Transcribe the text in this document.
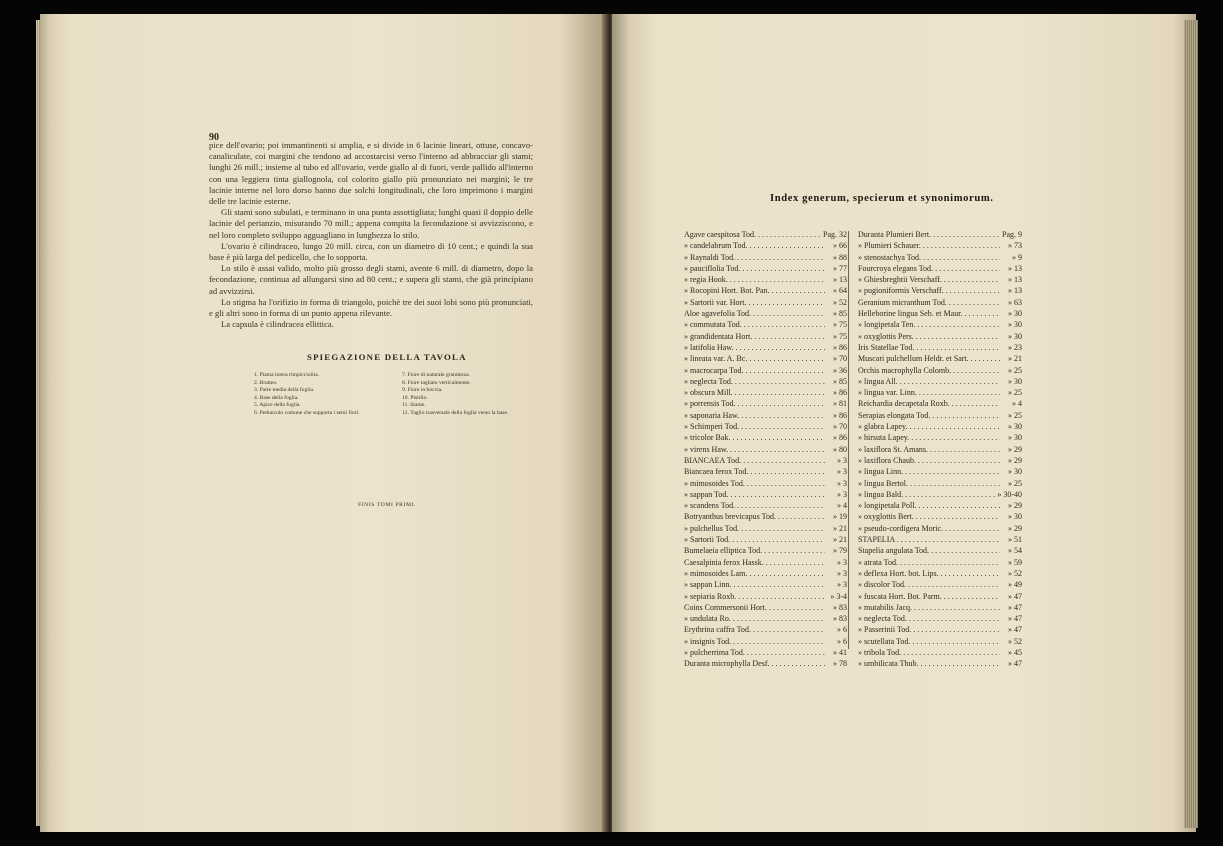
90

pice dell'ovario; poi immantinenti si amplia, e si divide in 6 lacinie lineari, ottuse, concavo-canaliculate, coi margini che tendono ad accostarcisi verso l'interno ad abbracciar gli stami; lunghi 26 mill.; insieme al tubo ed all'ovario, verde giallo al di fuori, verde pallido all'interno con una leggiera tinta giallognola, col colorito giallo più pronunziato nei margini; le tre lacinie interne nel loro dorso hanno due solchi longitudinali, che loro imprimono i margini delle tre lacinie esterne.

Gli stami sono subulati, e terminano in una punta assottigliata; lunghi quasi il doppio delle lacinie del perianzio, misurando 70 mill.; appena compita la fecondazione si avvizziscono, e nel loro completo sviluppo agguagliano in lunghezza lo stilo.

L'ovario è cilindraceo, lungo 20 mill. circa, con un diametro di 10 cent.; e quindi la sua base è più larga del pedicello, che lo sopporta.

Lo stilo è assai valido, molto più grosso degli stami, avente 6 mill. di diametro, dopo la fecondazione, continua ad allungarsi sino ad 80 cent.; e supera gli stami, che già principiano ad avvizzirsi.

Lo stigma ha l'orifizio in forma di triangolo, poichè tre dei suoi lobi sono più pronunciati, e gli altri sono in forma di un punto appena rilevante.

La capsula è cilindracea ellittica.

SPIEGAZIONE DELLA TAVOLA
1. Pianta intera rimpicciolita.
2. Bratteo.
3. Parte media della foglia.
4. Base della foglia.
5. Apice della foglia.
6. Peduncolo comune che sopporta i semi fiori.
7. Fiore di naturale grandezza.
8. Fiore tagliato verticalmente.
9. Fiore in boccia.
10. Pistillo.
11. Stame.
12. Taglio trasversale della foglia verso la base.
FINIS TOMI PRIMI.
Index generum, specierum et synonimorum.
Agave caespitosa Tod. . . .	Pag. 32
» candelabrum Tod. . . .	» 66
» Raynaldi Tod. . . .	» 88
» pauciflolia Tod. . . .	» 77
» regia Hook. . . .	» 13
» Rocopini Hort. Bot. Pan. . . .	» 64
» Sartorii var. Hort. . . .	» 52
Aloe agavefolia Tod. . . .	» 85
» commutata Tod. . . .	» 75
» grandidentata Hort. . . .	» 75
» latifolia Haw. . . .	» 86
» lineata var. A. Bc. . . .	» 70
» macrocarpa Tod. . . .	» 36
» neglecta Tod. . . .	» 85
» obscura Mill. . . .	» 86
» porrensis Tod. . . .	» 81
» saponaria Haw. . . .	» 86
» Schimperi Tod. . . .	» 70
» tricolor Bak. . . .	» 86
» virens Haw. . . .	» 80
BIANCAEA Tod. . . .	» 3
Biancaea ferox Tod. . . .	» 3
» mimosoides Tod. . . .	» 3
» sappan Tod. . . .	» 3
» scandens Tod. . . .	» 4
Botryanthus brevicapus Tod. . . .	» 19
» pulchellus Tod. . . .	» 21
» Sartorii Tod. . . .	» 21
Bumelaeia elliptica Tod. . . .	» 79
Caesalpinia ferox Hassk. . . .	» 3
» mimosoides Lam. . . .	» 3
» sappan Linn. . . .	» 3
» sepiaria Roxb. . . .	» 3-4
Coins Commersonii Hort. . . .	» 83
» undulata Ro. . . .	» 83
Erythrina caffra Tod. . . .	» 6
» insignis Tod. . . .	» 6
» pulcherrima Tod. . . .	» 41
Duranta microphylla Desf. . . .	» 78
Duranta Plumieri Bert. . . .	Pag. 9
» Plumieri Schauer. . . .	» 73
» stenostachya Tod. . . .	» 9
Fourcroya elegans Tod. . . .	» 13
» Ghiesbreghtii Verschaff. . . .	» 13
» pugioniformis Verschaff. . . .	» 13
Geranium micranthum Tod. . . .	» 63
Helleborine lingua Seb. et Maur. . . .	» 30
» longipetala Ten. . . .	» 30
» oxyglottis Pers. . . .	» 30
Iris Statellae Tod. . . .	» 23
Muscari pulchellum Heldr. et Sart. . . .	» 21
Orchis macrophylla Colomb. . . .	» 25
» lingua All. . . .	» 30
» lingua var. Linn. . . .	» 25
Reichardia decapetala Roxb. . . .	» 4
Serapias elongata Tod. . . .	» 25
» glabra Lapey. . . .	» 30
» hirsuta Lapey. . . .	» 30
» laxiflora St. Amans. . . .	» 29
» laxiflora Chaub. . . .	» 29
» lingua Linn. . . .	» 30
» lingua Bertol. . . .	» 25
» lingua Bald. . . .	» 30-40
» longipetala Poll. . . .	» 29
» oxyglottis Bert. . . .	» 30
» pseudo-cordigera Moric. . . .	» 29
STAPELIA . . .	» 51
Stapelia angulata Tod. . . .	» 54
» atrata Tod. . . .	» 59
» deflexa Hort. bot. Lips. . . .	» 52
» discolor Tod. . . .	» 49
» fuscata Hort. Bot. Parm. . . .	» 47
» mutabilis Jacq. . . .	» 47
» neglecta Tod. . . .	» 47
» Passerinii Tod. . . .	» 47
» scutellata Tod. . . .	» 52
» tribola Tod. . . .	» 45
» umbilicata Thub. . . .	» 47
